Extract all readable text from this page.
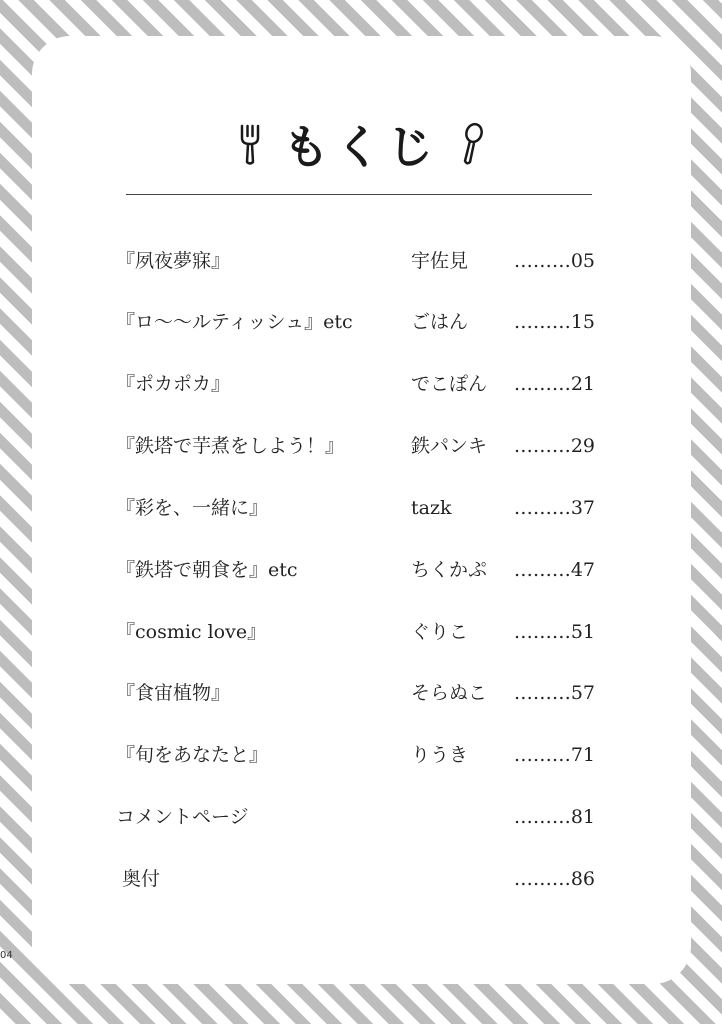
もくじ
『夙夜夢寐』	宇佐見 ………05
『ロ〜〜ルティッシュ』etc	ごはん ………15
『ポカポカ』	でこぽん ………21
『鉄塔で芋煮をしよう！』	鉄パンキ ………29
『彩を、一緒に』	tazk	………37
『鉄塔で朝食を』etc	ちくかぷ ………47
『cosmic love』	ぐりこ ………51
『食宙植物』	そらぬこ ………57
『旬をあなたと』	りうき ………71
コメントページ	………81
奥付	………86
04
